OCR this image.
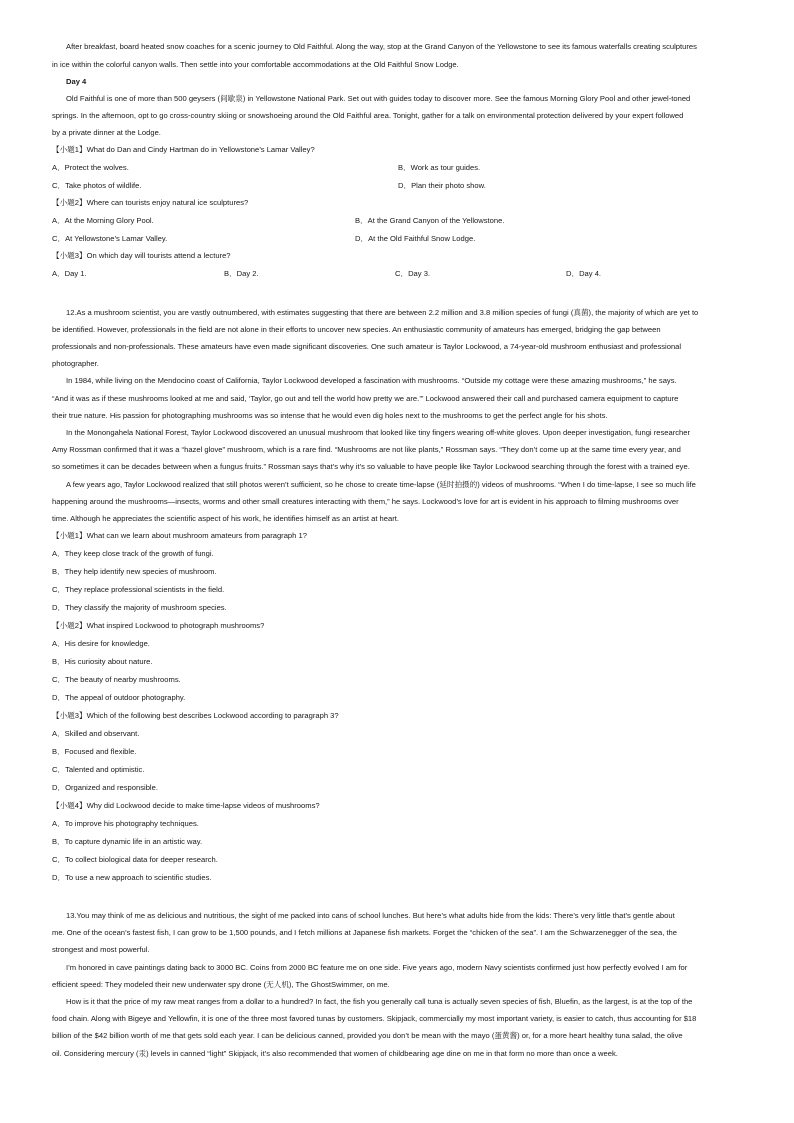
After breakfast, board heated snow coaches for a scenic journey to Old Faithful. Along the way, stop at the Grand Canyon of the Yellowstone to see its famous waterfalls creating sculptures
in ice within the colorful canyon walls. Then settle into your comfortable accommodations at the Old Faithful Snow Lodge.
Day 4
Old Faithful is one of more than 500 geysers (间歇泉) in Yellowstone National Park. Set out with guides today to discover more. See the famous Morning Glory Pool and other jewel-toned
springs. In the afternoon, opt to go cross-country skiing or snowshoeing around the Old Faithful area. Tonight, gather for a talk on environmental protection delivered by your expert followed
by a private dinner at the Lodge.
【小题1】What do Dan and Cindy Hartman do in Yellowstone’s Lamar Valley?
A．Protect the wolves.	B．Work as tour guides.
C．Take photos of wildlife.	D．Plan their photo show.
【小题2】Where can tourists enjoy natural ice sculptures?
A．At the Morning Glory Pool.	B．At the Grand Canyon of the Yellowstone.
C．At Yellowstone’s Lamar Valley.	D．At the Old Faithful Snow Lodge.
【小题3】On which day will tourists attend a lecture?
A．Day 1.	B．Day 2.	C．Day 3.	D．Day 4.
12.As a mushroom scientist, you are vastly outnumbered, with estimates suggesting that there are between 2.2 million and 3.8 million species of fungi (真菌), the majority of which are yet to
be identified. However, professionals in the field are not alone in their efforts to uncover new species. An enthusiastic community of amateurs has emerged, bridging the gap between
professionals and non-professionals. These amateurs have even made significant discoveries. One such amateur is Taylor Lockwood, a 74-year-old mushroom enthusiast and professional
photographer.
In 1984, while living on the Mendocino coast of California, Taylor Lockwood developed a fascination with mushrooms. “Outside my cottage were these amazing mushrooms,” he says.
“And it was as if these mushrooms looked at me and said, ‘Taylor, go out and tell the world how pretty we are.’” Lockwood answered their call and purchased camera equipment to capture
their true nature. His passion for photographing mushrooms was so intense that he would even dig holes next to the mushrooms to get the perfect angle for his shots.
In the Monongahela National Forest, Taylor Lockwood discovered an unusual mushroom that looked like tiny fingers wearing off-white gloves. Upon deeper investigation, fungi researcher
Amy Rossman confirmed that it was a “hazel glove” mushroom, which is a rare find. “Mushrooms are not like plants,” Rossman says. “They don’t come up at the same time every year, and
so sometimes it can be decades between when a fungus fruits.” Rossman says that’s why it’s so valuable to have people like Taylor Lockwood searching through the forest with a trained eye.
A few years ago, Taylor Lockwood realized that still photos weren’t sufficient, so he chose to create time-lapse (延时拍摄的) videos of mushrooms. “When I do time-lapse, I see so much life
happening around the mushrooms—insects, worms and other small creatures interacting with them,” he says. Lockwood’s love for art is evident in his approach to filming mushrooms over
time. Although he appreciates the scientific aspect of his work, he identifies himself as an artist at heart.
【小题1】What can we learn about mushroom amateurs from paragraph 1?
A．They keep close track of the growth of fungi.
B．They help identify new species of mushroom.
C．They replace professional scientists in the field.
D．They classify the majority of mushroom species.
【小题2】What inspired Lockwood to photograph mushrooms?
A．His desire for knowledge.
B．His curiosity about nature.
C．The beauty of nearby mushrooms.
D．The appeal of outdoor photography.
【小题3】Which of the following best describes Lockwood according to paragraph 3?
A．Skilled and observant.
B．Focused and flexible.
C．Talented and optimistic.
D．Organized and responsible.
【小题4】Why did Lockwood decide to make time-lapse videos of mushrooms?
A．To improve his photography techniques.
B．To capture dynamic life in an artistic way.
C．To collect biological data for deeper research.
D．To use a new approach to scientific studies.
13.You may think of me as delicious and nutritious, the sight of me packed into cans of school lunches. But here’s what adults hide from the kids: There’s very little that’s gentle about
me. One of the ocean’s fastest fish, I can grow to be 1,500 pounds, and I fetch millions at Japanese fish markets. Forget the “chicken of the sea”. I am the Schwarzenegger of the sea, the
strongest and most powerful.
I’m honored in cave paintings dating back to 3000 BC. Coins from 2000 BC feature me on one side. Five years ago, modern Navy scientists confirmed just how perfectly evolved I am for
efficient speed: They modeled their new underwater spy drone (无人机), The GhostSwimmer, on me.
How is it that the price of my raw meat ranges from a dollar to a hundred? In fact, the fish you generally call tuna is actually seven species of fish, Bluefin, as the largest, is at the top of the
food chain. Along with Bigeye and Yellowfin, it is one of the three most favored tunas by customers. Skipjack, commercially my most important variety, is easier to catch, thus accounting for $18
billion of the $42 billion worth of me that gets sold each year. I can be delicious canned, provided you don’t be mean with the mayo (蛋黄酱) or, for a more heart healthy tuna salad, the olive
oil. Considering mercury (汞) levels in canned “light” Skipjack, it’s also recommended that women of childbearing age dine on me in that form no more than once a week.
